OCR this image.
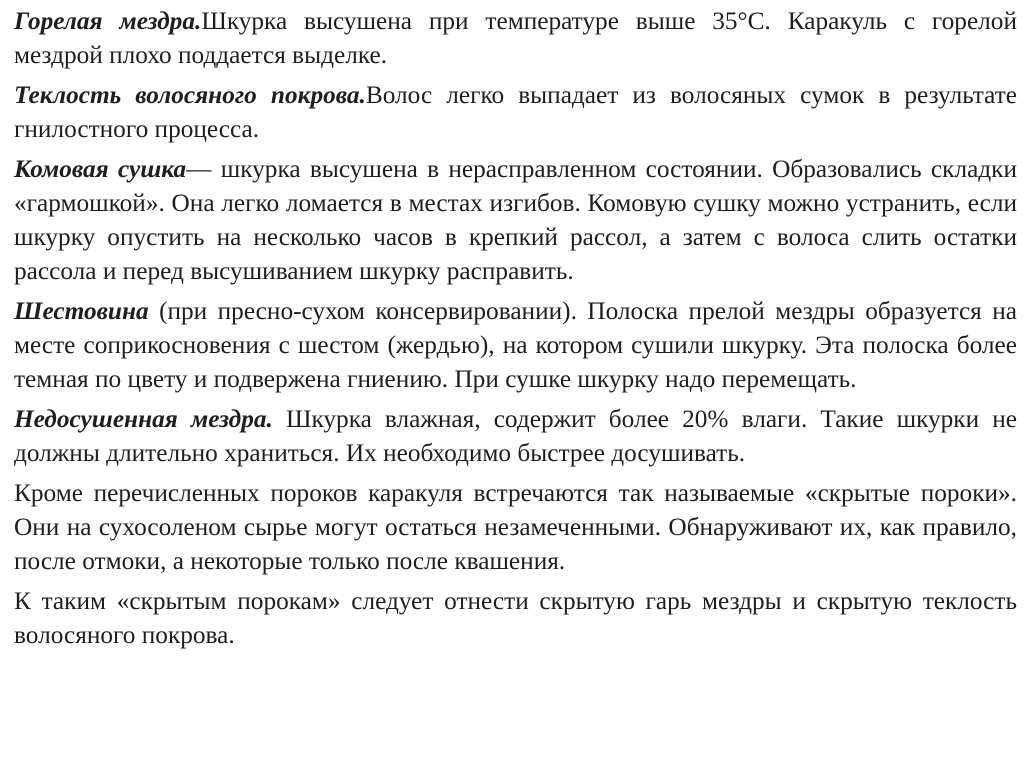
Горелая мездра.Шкурка высушена при температуре выше 35°С. Каракуль с горелой мездрой плохо поддается выделке.

Теклость волосяного покрова.Волос легко выпадает из волосяных сумок в результате гнилостного процесса.

Комовая сушка— шкурка высушена в нерасправленном состоянии. Образовались складки «гармошкой». Она легко ломается в местах изгибов. Комовую сушку можно устранить, если шкурку опустить на несколько часов в крепкий рассол, а затем с волоса слить остатки рассола и перед высушиванием шкурку расправить.

Шестовина (при пресно-сухом консервировании). Полоска прелой мездры образуется на месте соприкосновения с шестом (жердью), на котором сушили шкурку. Эта полоска более темная по цвету и подвержена гниению. При сушке шкурку надо перемещать.

Недосушенная мездра. Шкурка влажная, содержит более 20% влаги. Такие шкурки не должны длительно храниться. Их необходимо быстрее досушивать.

Кроме перечисленных пороков каракуля встречаются так называемые «скрытые пороки». Они на сухосоленом сырье могут остаться незамеченными. Обнаруживают их, как правило, после отмоки, а некоторые только после квашения.

К таким «скрытым порокам» следует отнести скрытую гарь мездры и скрытую теклость волосяного покрова.
